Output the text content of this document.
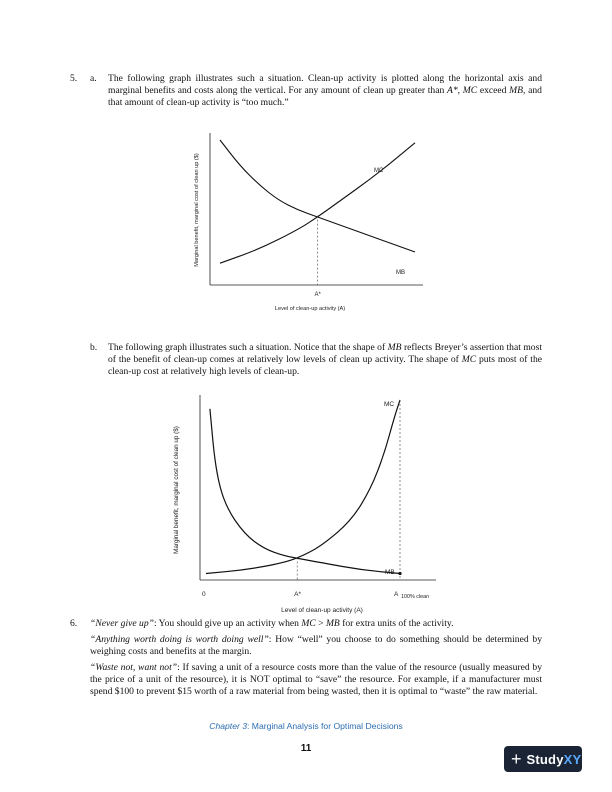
5. a. The following graph illustrates such a situation. Clean-up activity is plotted along the horizontal axis and marginal benefits and costs along the vertical. For any amount of clean up greater than A*, MC exceed MB, and that amount of clean-up activity is “too much.”
MC
MB
A*
Level of clean-up activity (A)
Marginal benefit, marginal cost of clean up ($)
b. The following graph illustrates such a situation. Notice that the shape of MB reflects Breyer’s assertion that most of the benefit of clean-up comes at relatively low levels of clean up activity. The shape of MC puts most of the clean-up cost at relatively high levels of clean-up.
MC
MB
0	A*	A 100% clean
Level of clean-up activity (A)
Marginal benefit, marginal cost of clean up ($)
6. “Never give up”: You should give up an activity when MC > MB for extra units of the activity.
“Anything worth doing is worth doing well”: How “well” you choose to do something should be determined by weighing costs and benefits at the margin.
“Waste not, want not”: If saving a unit of a resource costs more than the value of the resource (usually measured by the price of a unit of the resource), it is NOT optimal to “save” the resource. For example, if a manufacturer must spend $100 to prevent $15 worth of a raw material from being wasted, then it is optimal to “waste” the raw material.
Chapter 3: Marginal Analysis for Optimal Decisions
11
+ StudyXY
